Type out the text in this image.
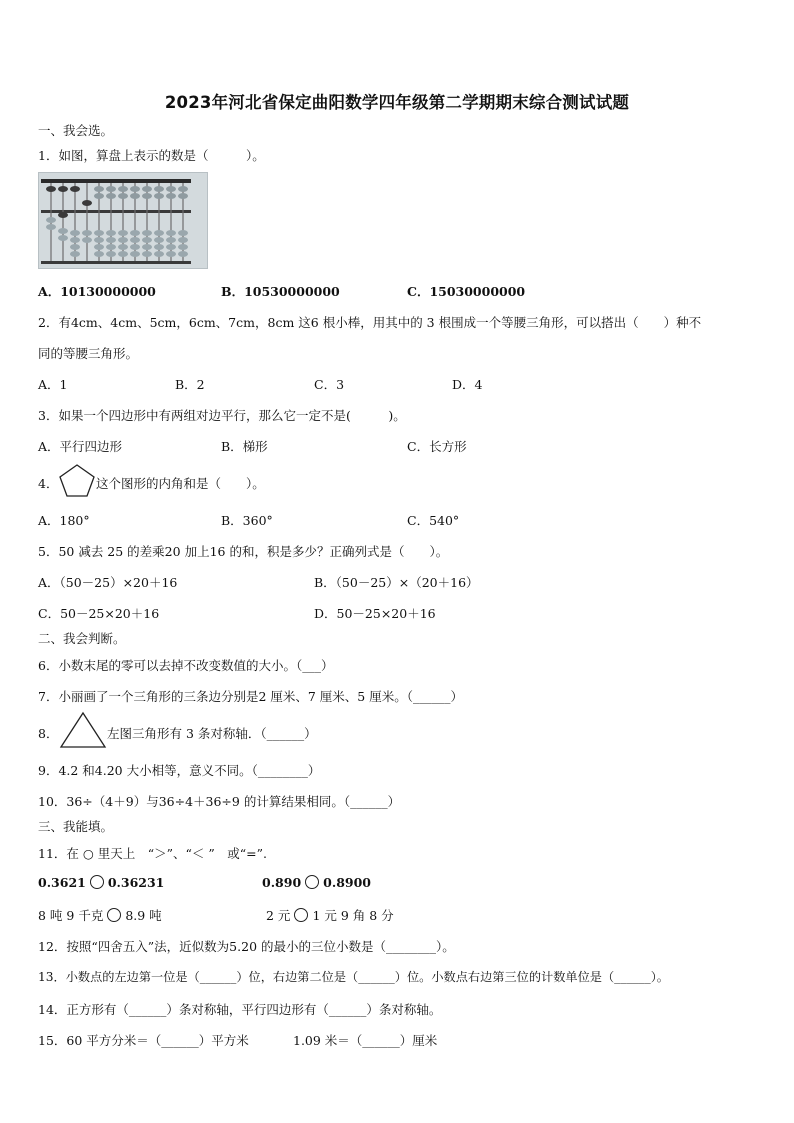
2023年河北省保定曲阳数学四年级第二学期期末综合测试试题
一、我会选。
1．如图，算盘上表示的数是（　　　）。
A．10130000000	B．10530000000	C．15030000000
2．有4cm、4cm、5cm，6cm、7cm，8cm 这6 根小棒，用其中的 3 根围成一个等腰三角形，可以搭出（　　）种不
同的等腰三角形。
A．1	B．2	C．3	D．4
3．如果一个四边形中有两组对边平行，那么它一定不是(　　　)。
A．平行四边形	B．梯形	C．长方形
4．	这个图形的内角和是（　　）。
A．180°	B．360°	C．540°
5．50 减去 25 的差乘20 加上16 的和，积是多少？正确列式是（　　）。
A．（50－25）×20＋16	B．（50－25）×（20＋16）
C．50－25×20＋16	D．50－25×20＋16
二、我会判断。
6．小数末尾的零可以去掉不改变数值的大小。（___）
7．小丽画了一个三角形的三条边分别是2 厘米、7 厘米、5 厘米。（______）
8．	左图三角形有 3 条对称轴．（______）
9．4.2 和4.20 大小相等，意义不同。（________）
10．36÷（4＋9）与36÷4＋36÷9 的计算结果相同。（______）
三、我能填。
11．在 ○ 里天上　“＞”、“＜ ”　或“=”.
0.3621 0.36231	0.890 0.8900
8 吨 9 千克 8.9 吨	2 元 1 元 9 角 8 分
12．按照“四舍五入”法，近似数为5.20 的最小的三位小数是（________）。
13．小数点的左边第一位是（______）位，右边第二位是（______）位。小数点右边第三位的计数单位是（______）。
14．正方形有（______）条对称轴，平行四边形有（______）条对称轴。
15．60 平方分米＝（______）平方米	1.09 米＝（______）厘米
